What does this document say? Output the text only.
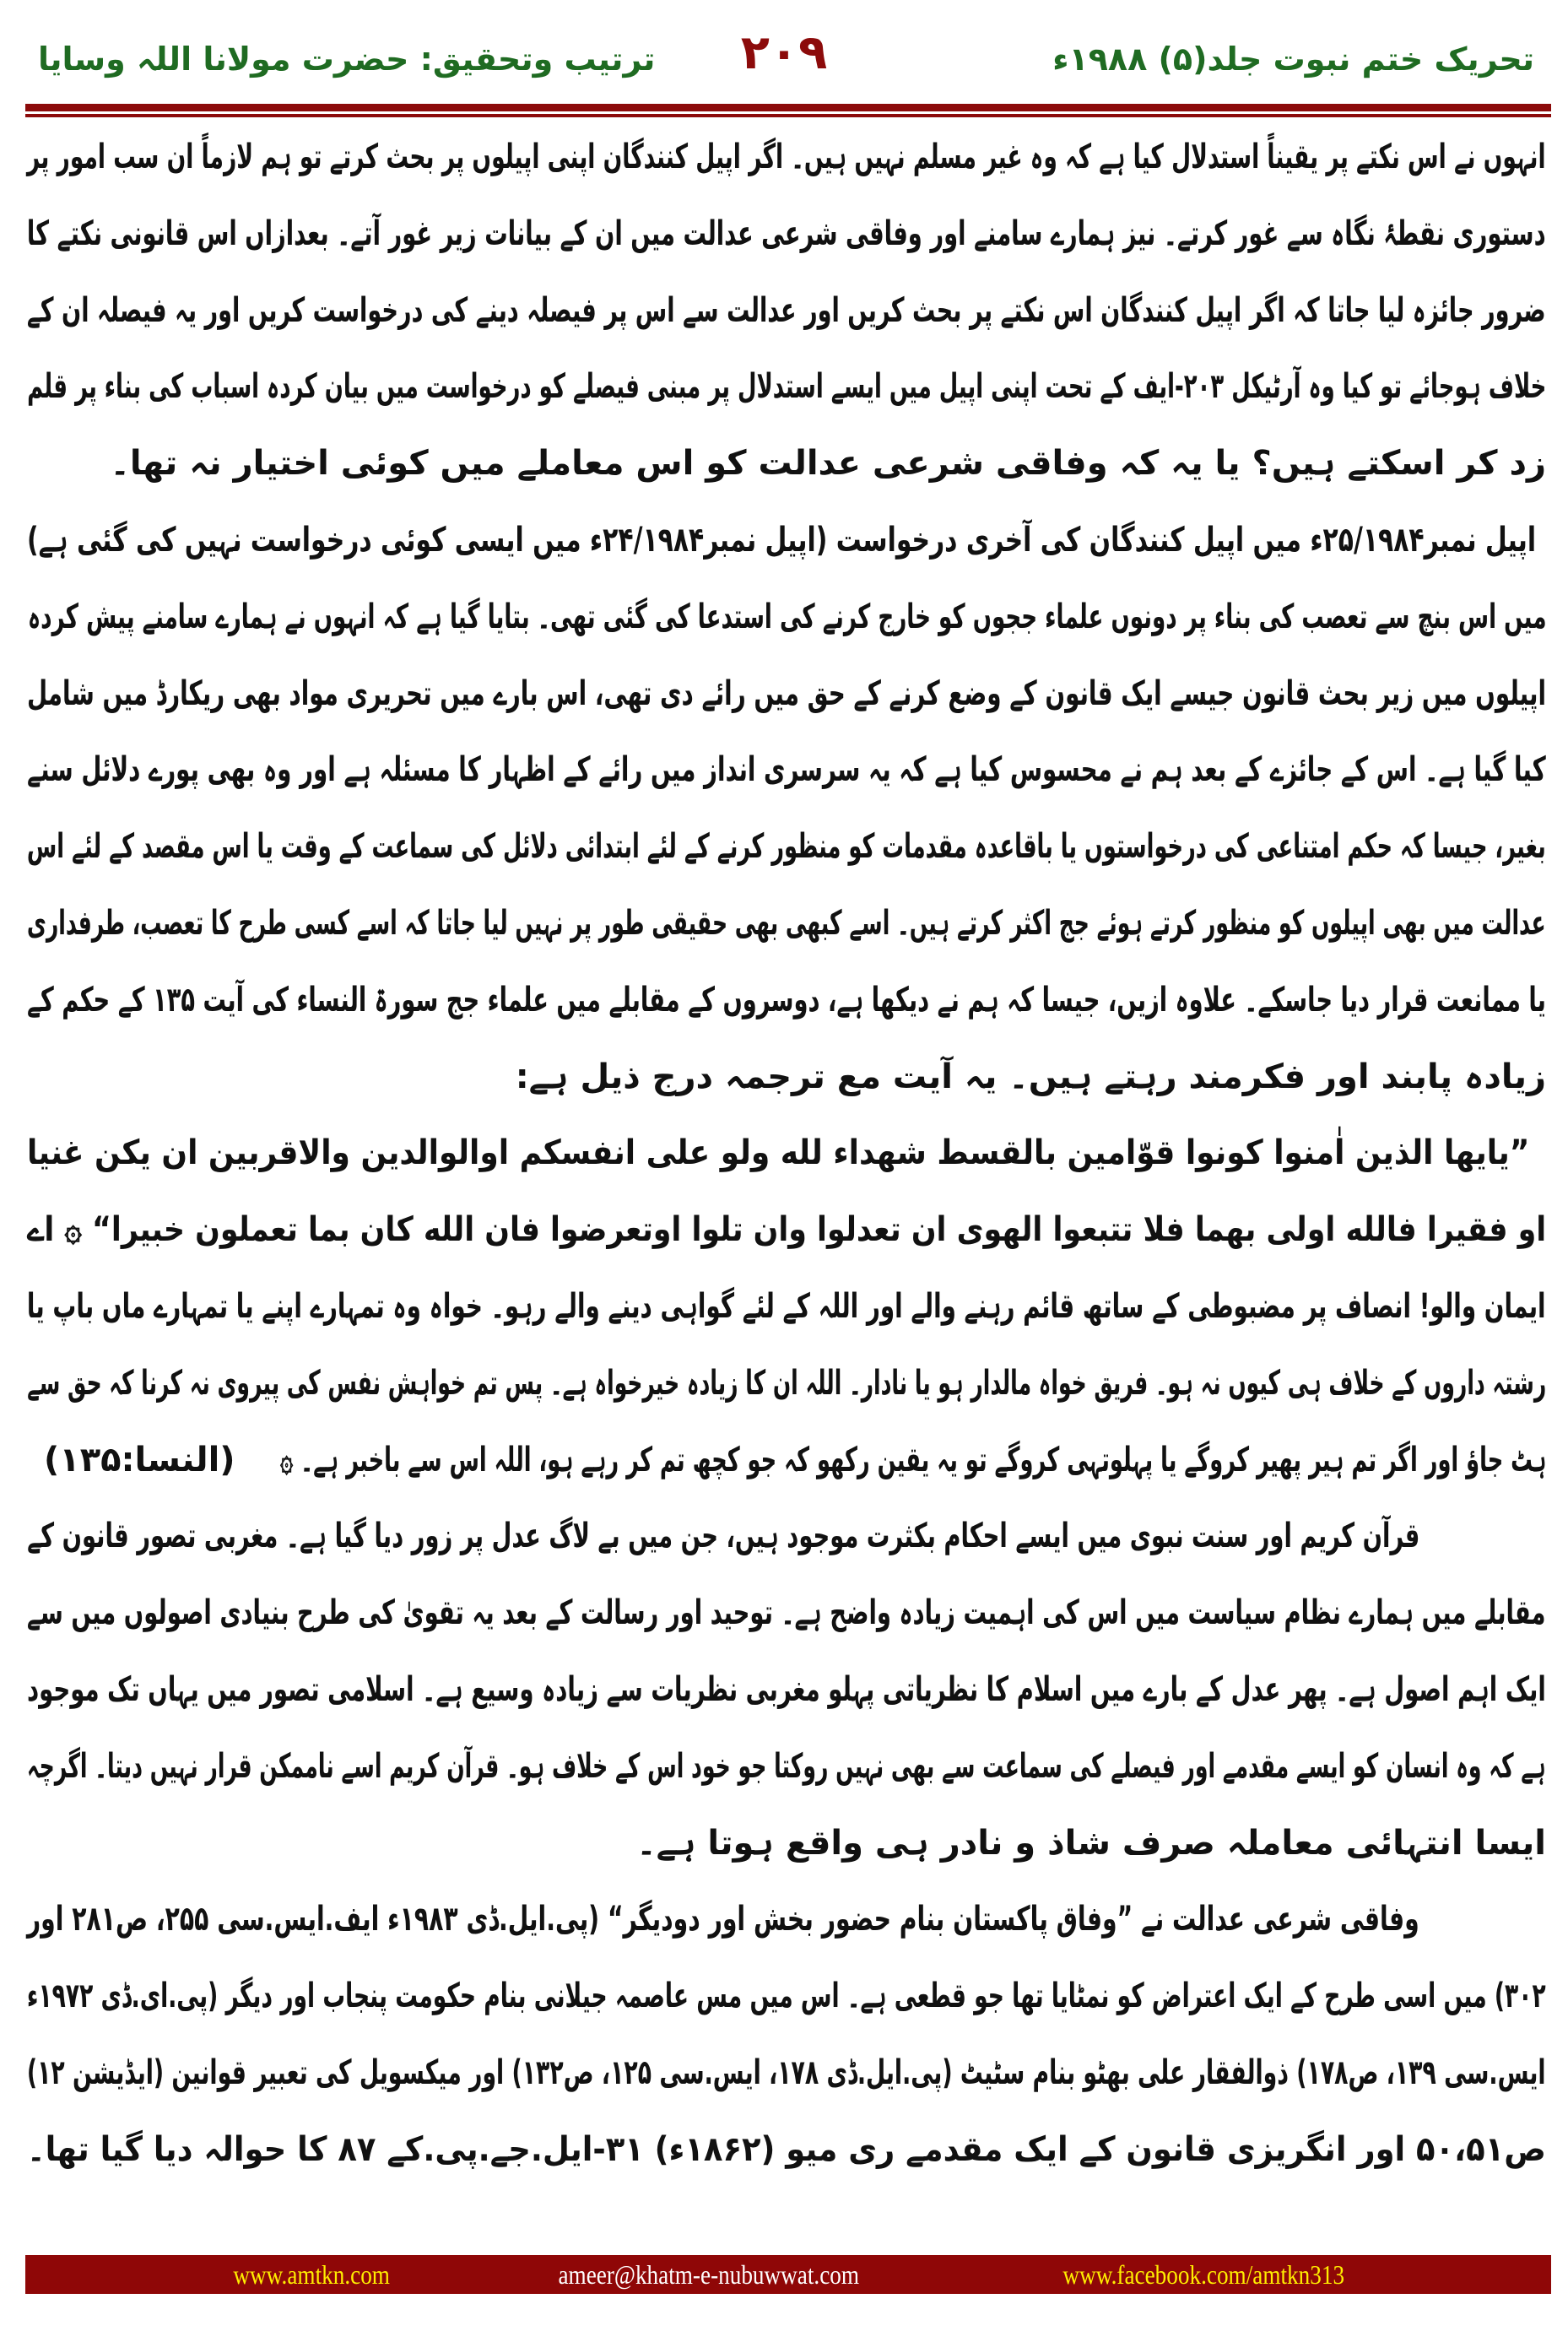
تحریک ختم نبوت جلد(۵) ۱۹۸۸ء
۲۰۹
ترتیب وتحقیق: حضرت مولانا اللہ وسایا
انہوں نے اس نکتے پر یقیناً استدلال کیا ہے کہ وہ غیر مسلم نہیں ہیں۔ اگر اپیل کنندگان اپنی اپیلوں پر بحث کرتے تو ہم لازماً ان سب امور پر
دستوری نقطۂ نگاہ سے غور کرتے۔ نیز ہمارے سامنے اور وفاقی شرعی عدالت میں ان کے بیانات زیر غور آتے۔ بعدازاں اس قانونی نکتے کا
ضرور جائزہ لیا جاتا کہ اگر اپیل کنندگان اس نکتے پر بحث کریں اور عدالت سے اس پر فیصلہ دینے کی درخواست کریں اور یہ فیصلہ ان کے
خلاف ہوجائے تو کیا وہ آرٹیکل ۲۰۳-ایف کے تحت اپنی اپیل میں ایسے استدلال پر مبنی فیصلے کو درخواست میں بیان کردہ اسباب کی بناء پر قلم
زد کر اسکتے ہیں؟ یا یہ کہ وفاقی شرعی عدالت کو اس معاملے میں کوئی اختیار نہ تھا۔
اپیل نمبر۲۵/۱۹۸۴ء میں اپیل کنندگان کی آخری درخواست (اپیل نمبر۲۴/۱۹۸۴ء میں ایسی کوئی درخواست نہیں کی گئی ہے)
میں اس بنچ سے تعصب کی بناء پر دونوں علماء ججوں کو خارج کرنے کی استدعا کی گئی تھی۔ بتایا گیا ہے کہ انہوں نے ہمارے سامنے پیش کردہ
اپیلوں میں زیر بحث قانون جیسے ایک قانون کے وضع کرنے کے حق میں رائے دی تھی، اس بارے میں تحریری مواد بھی ریکارڈ میں شامل
کیا گیا ہے۔ اس کے جائزے کے بعد ہم نے محسوس کیا ہے کہ یہ سرسری انداز میں رائے کے اظہار کا مسئلہ ہے اور وہ بھی پورے دلائل سنے
بغیر، جیسا کہ حکم امتناعی کی درخواستوں یا باقاعدہ مقدمات کو منظور کرنے کے لئے ابتدائی دلائل کی سماعت کے وقت یا اس مقصد کے لئے اس
عدالت میں بھی اپیلوں کو منظور کرتے ہوئے جج اکثر کرتے ہیں۔ اسے کبھی بھی حقیقی طور پر نہیں لیا جاتا کہ اسے کسی طرح کا تعصب، طرفداری
یا ممانعت قرار دیا جاسکے۔ علاوہ ازیں، جیسا کہ ہم نے دیکھا ہے، دوسروں کے مقابلے میں علماء جج سورۃ النساء کی آیت ۱۳۵ کے حکم کے
زیادہ پابند اور فکرمند رہتے ہیں۔ یہ آیت مع ترجمہ درج ذیل ہے:
”یایها الذین اٰمنوا کونوا قوّامین بالقسط شهداء لله ولو علی انفسکم اوالوالدین والاقربین ان یکن غنیا
او فقیرا فالله اولی بهما فلا تتبعوا الهوی ان تعدلوا وان تلوا اوتعرضوا فان الله کان بما تعملون خبیرا“ ۞ اے
ایمان والو! انصاف پر مضبوطی کے ساتھ قائم رہنے والے اور اللہ کے لئے گواہی دینے والے رہو۔ خواہ وہ تمہارے اپنے یا تمہارے ماں باپ یا
رشتہ داروں کے خلاف ہی کیوں نہ ہو۔ فریق خواہ مالدار ہو یا نادار۔ اللہ ان کا زیادہ خیرخواہ ہے۔ پس تم خواہش نفس کی پیروی نہ کرنا کہ حق سے
ہٹ جاؤ اور اگر تم ہیر پھیر کروگے یا پہلوتہی کروگے تو یہ یقین رکھو کہ جو کچھ تم کر رہے ہو، اللہ اس سے باخبر ہے۔ ۞
(النسا:۱۳۵)
قرآن کریم اور سنت نبوی میں ایسے احکام بکثرت موجود ہیں، جن میں بے لاگ عدل پر زور دیا گیا ہے۔ مغربی تصور قانون کے
مقابلے میں ہمارے نظام سیاست میں اس کی اہمیت زیادہ واضح ہے۔ توحید اور رسالت کے بعد یہ تقویٰ کی طرح بنیادی اصولوں میں سے
ایک اہم اصول ہے۔ پھر عدل کے بارے میں اسلام کا نظریاتی پہلو مغربی نظریات سے زیادہ وسیع ہے۔ اسلامی تصور میں یہاں تک موجود
ہے کہ وہ انسان کو ایسے مقدمے اور فیصلے کی سماعت سے بھی نہیں روکتا جو خود اس کے خلاف ہو۔ قرآن کریم اسے ناممکن قرار نہیں دیتا۔ اگرچہ
ایسا انتہائی معاملہ صرف شاذ و نادر ہی واقع ہوتا ہے۔
وفاقی شرعی عدالت نے ”وفاق پاکستان بنام حضور بخش اور دودیگر“ (پی.ایل.ڈی ۱۹۸۳ء ایف.ایس.سی ۲۵۵، ص۲۸۱ اور
۳۰۲) میں اسی طرح کے ایک اعتراض کو نمٹایا تھا جو قطعی ہے۔ اس میں مس عاصمہ جیلانی بنام حکومت پنجاب اور دیگر (پی.ای.ڈی ۱۹۷۲ء
ایس.سی ۱۳۹، ص۱۷۸) ذوالفقار علی بھٹو بنام سٹیٹ (پی.ایل.ڈی ۱۷۸، ایس.سی ۱۲۵، ص۱۳۲) اور میکسویل کی تعبیر قوانین (ایڈیشن ۱۲)
ص۵۰،۵۱ اور انگریزی قانون کے ایک مقدمے ری میو (۱۸۶۲ء) ۳۱-ایل.جے.پی.کے ۸۷ کا حوالہ دیا گیا تھا۔
www.amtkn.com	ameer@khatm-e-nubuwwat.com	www.facebook.com/amtkn313
